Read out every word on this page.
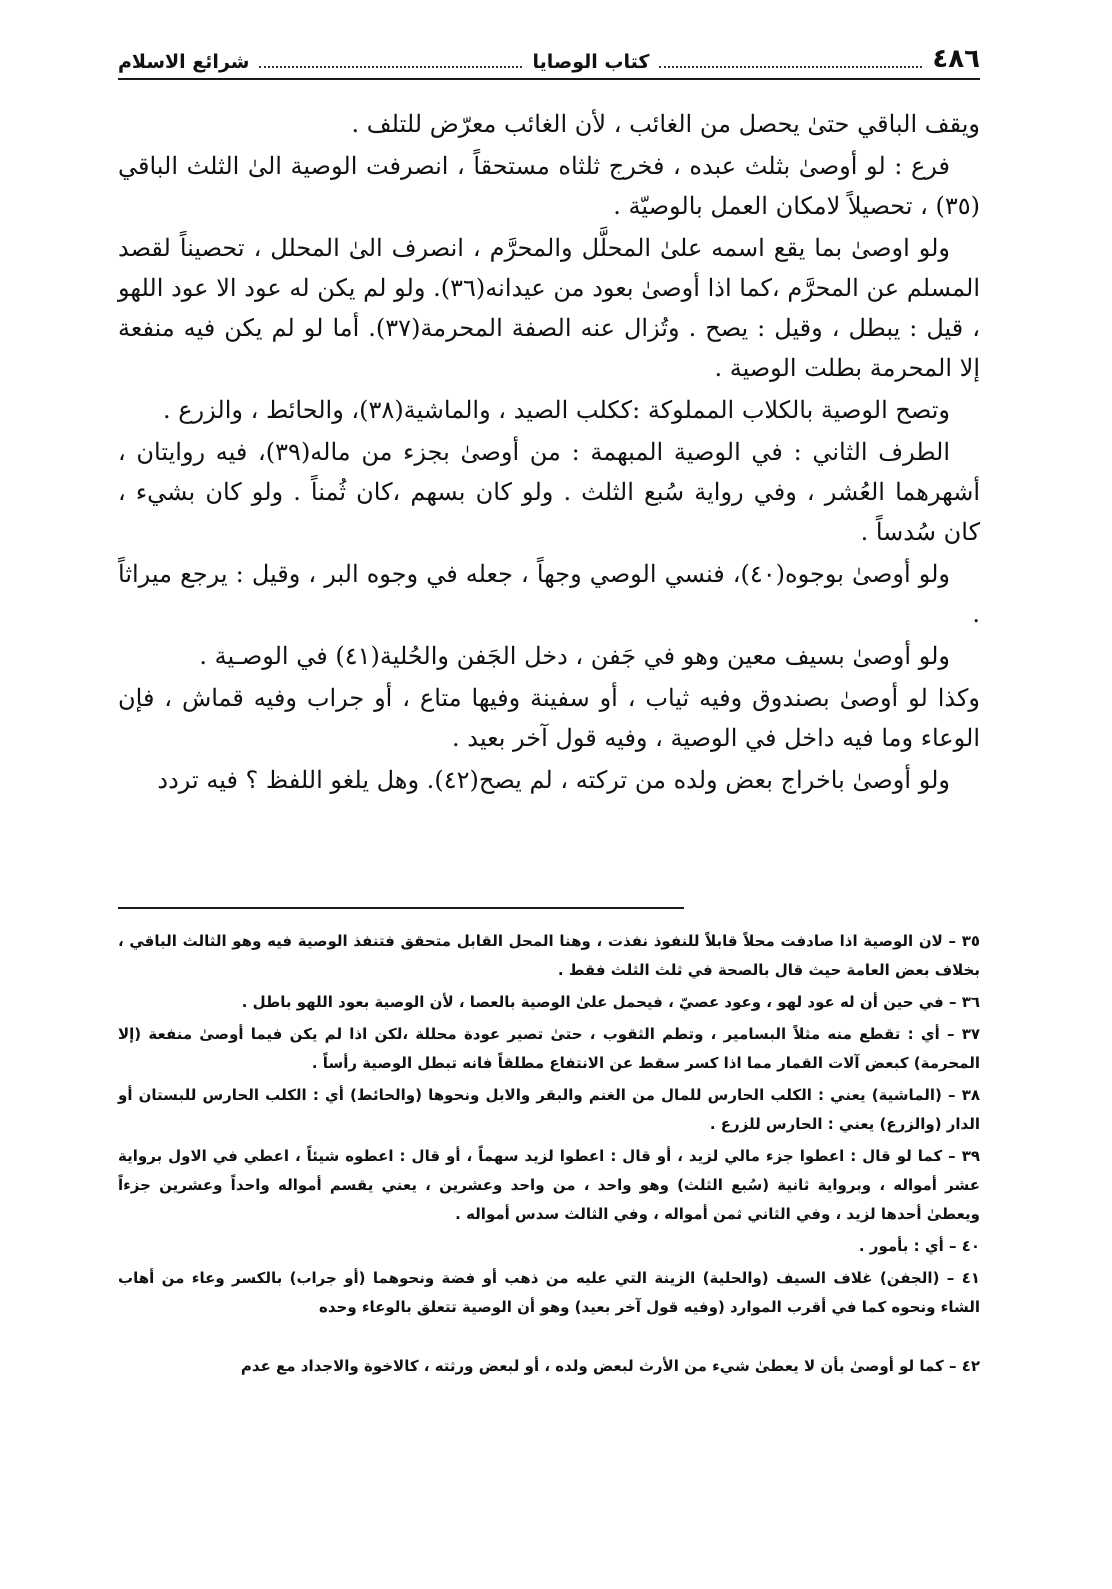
٤٨٦
كتاب الوصايا
شرائع الاسلام

ويقف الباقي حتىٰ يحصل من الغائب ، لأن الغائب معرّض للتلف .

فرع : لو أوصىٰ بثلث عبده ، فخرج ثلثاه مستحقاً ، انصرفت الوصية الىٰ الثلث الباقي (٣٥) ، تحصيلاً لامكان العمل بالوصيّة .

ولو اوصىٰ بما يقع اسمه علىٰ المحلَّل والمحرَّم ، انصرف الىٰ المحلل ، تحصيناً لقصد المسلم عن المحرَّم ،كما اذا أوصىٰ بعود من عيدانه(٣٦). ولو لم يكن له عود الا عود اللهو ، قيل : يبطل ، وقيل : يصح . وتُزال عنه الصفة المحرمة(٣٧). أما لو لم يكن فيه منفعة إلا المحرمة بطلت الوصية .

وتصح الوصية بالكلاب المملوكة :ككلب الصيد ، والماشية(٣٨)، والحائط ، والزرع .

الطرف الثاني : في الوصية المبهمة : من أوصىٰ بجزء من ماله(٣٩)، فيه روايتان ، أشهرهما العُشر ، وفي رواية سُبع الثلث . ولو كان بسهم ،كان ثُمناً . ولو كان بشيء ، كان سُدساً .

ولو أوصىٰ بوجوه(٤٠)، فنسي الوصي وجهاً ، جعله في وجوه البر ، وقيل : يرجع ميراثاً .

ولو أوصىٰ بسيف معين وهو في جَفن ، دخل الجَفن والحُلية(٤١) في الوصـية .

وكذا لو أوصىٰ بصندوق وفيه ثياب ، أو سفينة وفيها متاع ، أو جراب وفيه قماش ، فإن الوعاء وما فيه داخل في الوصية ، وفيه قول آخر بعيد .

ولو أوصىٰ باخراج بعض ولده من تركته ، لم يصح(٤٢). وهل يلغو اللفظ ؟ فيه تردد

٣٥ – لان الوصية اذا صادفت محلاً قابلاً للنفوذ نفذت ، وهنا المحل القابل متحقق فتنفذ الوصية فيه وهو الثالث الباقي ، بخلاف بعض العامة حيث قال بالصحة في ثلث الثلث فقط .
٣٦ – في حين أن له عود لهو ، وعود عصيّ ، فيحمل علىٰ الوصية بالعصا ، لأن الوصية بعود اللهو باطل .
٣٧ – أي : تقطع منه مثلاً البسامير ، وتطم الثقوب ، حتىٰ تصير عودة محللة ،لكن اذا لم يكن فيما أوصىٰ منفعة (إلا المحرمة) كبعض آلات القمار مما اذا كسر سقط عن الانتفاع مطلقاً فانه تبطل الوصية رأساً .
٣٨ – (الماشية) يعني : الكلب الحارس للمال من الغنم والبقر والابل ونحوها (والحائط) أي : الكلب الحارس للبستان أو الدار (والزرع) يعني : الحارس للزرع .
٣٩ – كما لو قال : اعطوا جزء مالي لزيد ، أو قال : اعطوا لزيد سهماً ، أو قال : اعطوه شيئاً ، اعطي في الاول برواية عشر أمواله ، وبرواية ثانية (سُبع الثلث) وهو واحد ، من واحد وعشرين ، يعني يقسم أمواله واحداً وعشرين جزءاً ويعطىٰ أحدها لزيد ، وفي الثاني ثمن أمواله ، وفي الثالث سدس أمواله .
٤٠ – أي : بأمور .
٤١ – (الجفن) غلاف السيف (والحلية) الزينة التي عليه من ذهب أو فضة ونحوهما (أو جراب) بالكسر وعاء من أهاب الشاء ونحوه كما في أقرب الموارد (وفيه قول آخر بعيد) وهو أن الوصية تتعلق بالوعاء وحده
٤٢ – كما لو أوصىٰ بأن لا يعطىٰ شيء من الأرث لبعض ولده ، أو لبعض ورثته ، كالاخوة والاجداد مع عدم
